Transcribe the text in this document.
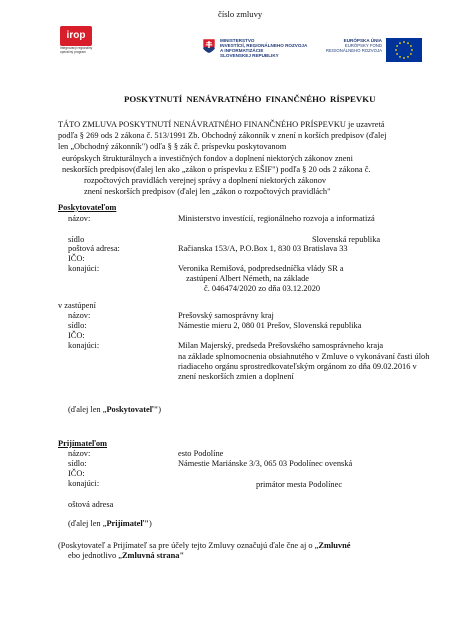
číslo zmluvy
irop
Integrovaný regionálny operačný program
MINISTERSTVO
INVESTÍCIÍ, REGIONÁLNEHO ROZVOJA
A INFORMATIZÁCIE
SLOVENSKEJ REPUBLIKY
EURÓPSKA ÚNIA
EURÓPSKY FOND
REGIONÁLNEHO ROZVOJA
POSKYTNUTÍ NENÁVRATNÉHO FINANČNÉHO RÍSPEVKU
TÁTO ZMLUVA POSKYTNUTÍ NENÁVRATNÉHO FINANČNÉHO PRÍSPEVKU je uzavretá
podľa § 269 ods 2 zákona č. 513/1991 Zb. Obchodný zákonník v znení n korších predpisov (ďalej
len „Obchodný zákonník") odľa § § zák č. príspevku poskytovanom
európskych štrukturálnych a investičných fondov a doplnení niektorých zákonov zneni
neskorších predpisov(ďalej len ako „zákon o príspevku z EŠIF") podľa § 20 ods 2 zákona č.
rozpočtových pravidlách verejnej správy a doplnení niektorých zákonov
znení neskorších predpisov (ďalej len „zákon o rozpočtových pravidlách"
Poskytovateľom
názov:	Ministerstvo investícií, regionálneho rozvoja a informatizá
sídlo	Slovenská republika
poštová adresa:	Račianska 153/A, P.O.Box 1, 830 03 Bratislava 33
IČO:
konajúci:	Veronika Remišová, podpredsedníčka vlády SR a
zastúpení Albert Németh, na základe
č. 046474/2020 zo dňa 03.12.2020
v zastúpení
názov:	Prešovský samosprávny kraj
sídlo:	Námestie mieru 2, 080 01 Prešov, Slovenská republika
IČO:
konajúci:	Milan Majerský, predseda Prešovského samosprávneho kraja
na základe splnomocnenia obsiahnutého v Zmluve o vykonávaní časti úloh
riadiaceho orgánu sprostredkovateľským orgánom zo dňa 09.02.2016 v
znení neskorších zmien a doplnení
(ďalej len „Poskytovateľ")
Prijímateľom
názov:	esto Podolíne
sídlo:	Námestie Mariánske 3/3, 065 03 Podolínec ovenská
IČO:
konajúci:	primátor mesta Podolínec
oštová adresa
(ďalej len „Prijímateľ")
(Poskytovateľ a Prijímateľ sa pre účely tejto Zmluvy označujú ďale čne aj o „Zmluvné
ebo jednotlivo „Zmluvná strana"
